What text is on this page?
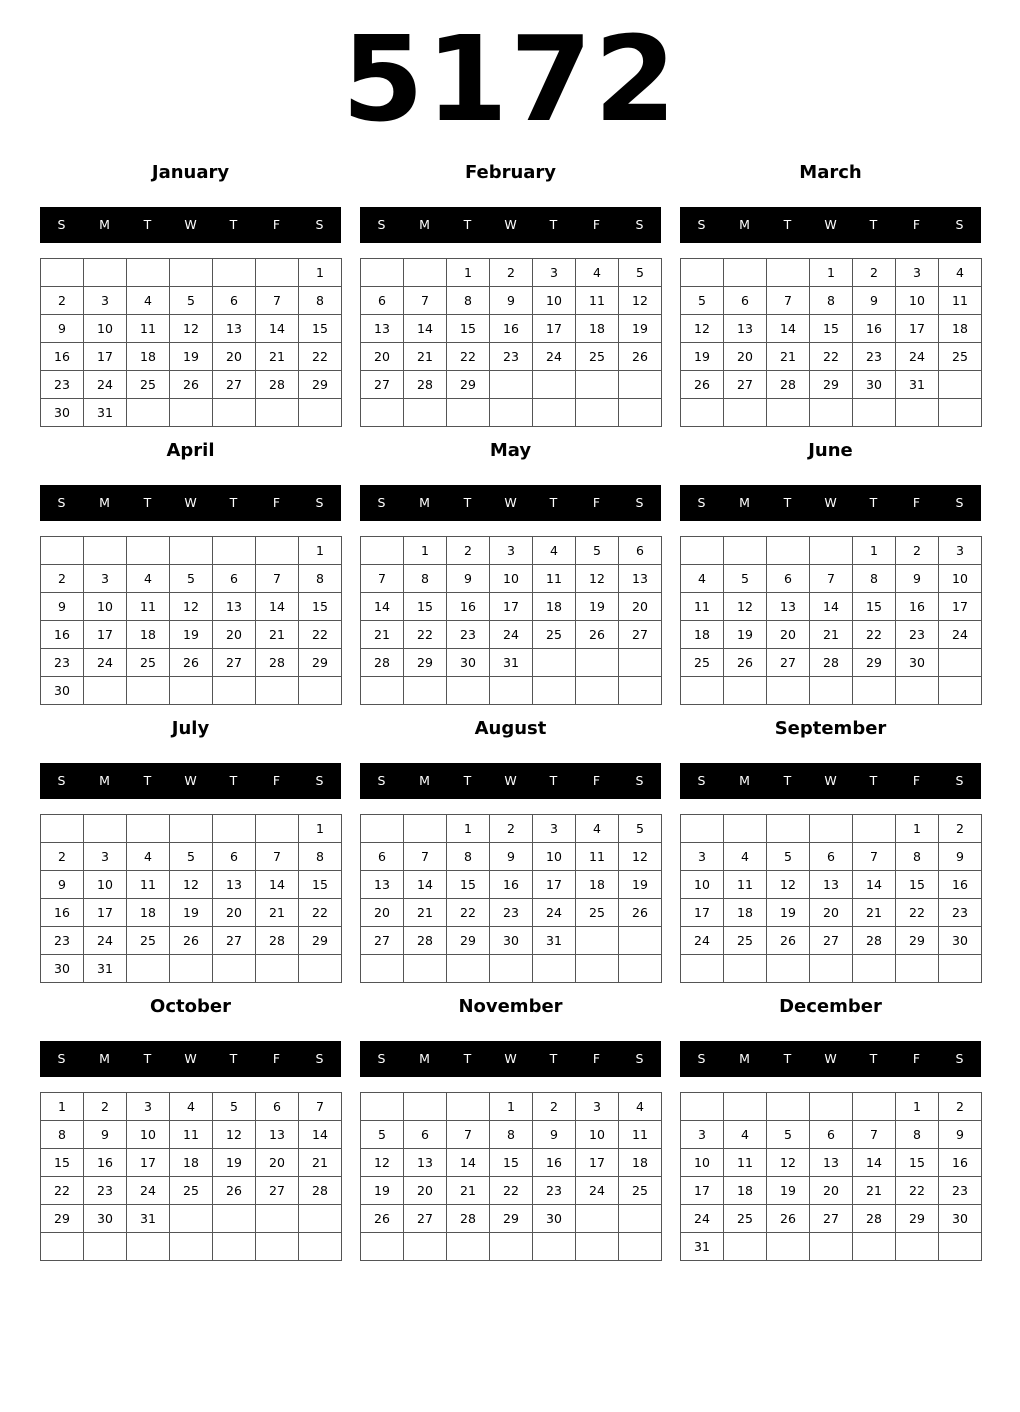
5172
January
S	M	T	W	T	F	S
						1
2	3	4	5	6	7	8
9	10	11	12	13	14	15
16	17	18	19	20	21	22
23	24	25	26	27	28	29
30	31					
February
S	M	T	W	T	F	S
		1	2	3	4	5
6	7	8	9	10	11	12
13	14	15	16	17	18	19
20	21	22	23	24	25	26
27	28	29				

March
S	M	T	W	T	F	S
			1	2	3	4
5	6	7	8	9	10	11
12	13	14	15	16	17	18
19	20	21	22	23	24	25
26	27	28	29	30	31	

April
S	M	T	W	T	F	S
						1
2	3	4	5	6	7	8
9	10	11	12	13	14	15
16	17	18	19	20	21	22
23	24	25	26	27	28	29
30						
May
S	M	T	W	T	F	S
	1	2	3	4	5	6
7	8	9	10	11	12	13
14	15	16	17	18	19	20
21	22	23	24	25	26	27
28	29	30	31			

June
S	M	T	W	T	F	S
				1	2	3
4	5	6	7	8	9	10
11	12	13	14	15	16	17
18	19	20	21	22	23	24
25	26	27	28	29	30	

July
S	M	T	W	T	F	S
						1
2	3	4	5	6	7	8
9	10	11	12	13	14	15
16	17	18	19	20	21	22
23	24	25	26	27	28	29
30	31					
August
S	M	T	W	T	F	S
		1	2	3	4	5
6	7	8	9	10	11	12
13	14	15	16	17	18	19
20	21	22	23	24	25	26
27	28	29	30	31		

September
S	M	T	W	T	F	S
					1	2
3	4	5	6	7	8	9
10	11	12	13	14	15	16
17	18	19	20	21	22	23
24	25	26	27	28	29	30

October
S	M	T	W	T	F	S
1	2	3	4	5	6	7
8	9	10	11	12	13	14
15	16	17	18	19	20	21
22	23	24	25	26	27	28
29	30	31				

November
S	M	T	W	T	F	S
			1	2	3	4
5	6	7	8	9	10	11
12	13	14	15	16	17	18
19	20	21	22	23	24	25
26	27	28	29	30		

December
S	M	T	W	T	F	S
					1	2
3	4	5	6	7	8	9
10	11	12	13	14	15	16
17	18	19	20	21	22	23
24	25	26	27	28	29	30
31						
